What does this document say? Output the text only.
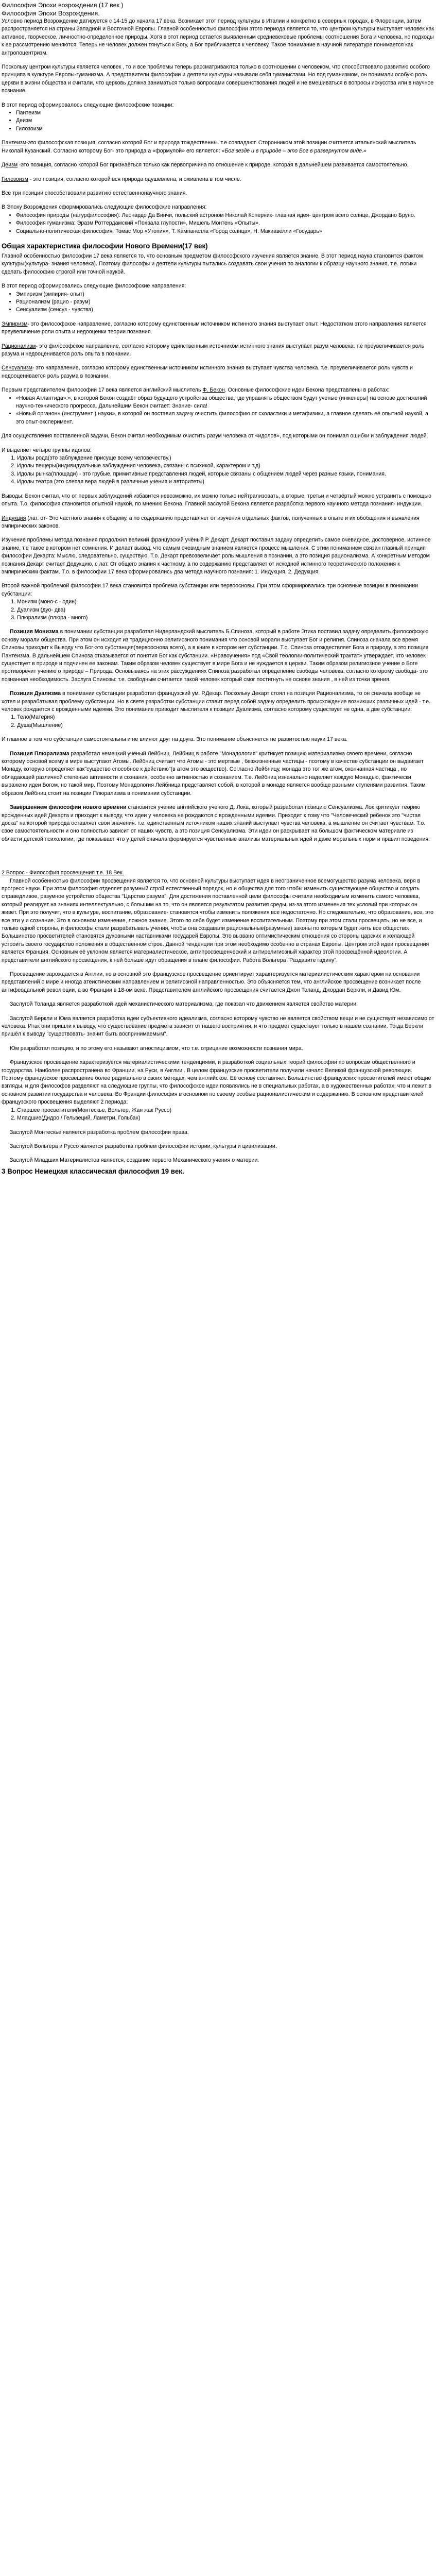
Философия Эпохи возрождения (17 век )

Философия Эпохи Возрождения.

Условно период Возрождение датируется с 14-15 до начала 17 века. Возникает этот период культуры в Италии и конкретно в северных городах, в Флоренции, затем распространяется на страны Западной и Восточной Европы. Главной особенностью философии этого периода является то, что центром культуры выступает человек как активное, творческое, личностно-определенное природы. Хотя в этот период остается выявленным средневековые проблемы соотношения Бога и человека, но подходы к ее рассмотрению меняются. Теперь не человек должен тянуться к Богу, а Бог приближается к человеку. Такое понимание в научной литературе понимается как антропоцентризм.

Поскольку центром культуры является человек , то и все проблемы теперь рассматриваются только в соотношении с человеком, что способствовало развитию особого принципа в культуре Европы-гуманизма. А представители философии и деятели культуры называли себя гуманистами. Но под гуманизмом, он понимали особую роль церкви в жизни общества и считали, что церковь должна заниматься только вопросами совершенствования людей и не вмешиваться в вопросы искусства или в научное познание.

В этот период сформировалось следующие философские позиции:

• Пантеизм
• Деизм
• Гилозоизм

Пантеизм-это философская позиция, согласно которой Бог и природа тождественны. т.е совпадают. Сторонником этой позиции считается итальянский мыслитель Николай Кузанский. Согласно которому Бог- это природа а «формулой» его является: «Бог везде и в природе – это Бог в развернутом виде.»

Деизм -это позиция, согласно которой Бог признаёться только как первопричина по отношение к природе, которая в дальнейшем развивается самостоятельно.

Гилозоизм - это позиция, согласно которой вся природа одушевлена, и оживлена в том числе.

Все три позиции способствовали развитию естественнонаучного знания.

В Эпоху Возрождения сформировались следующие философские направления:

• Философия природы (натурфилософия): Леонардо Да Винчи, польский астроном Николай Коперник- главная идея- центром всего солнце, Джордано Бруно.
• Философия гуманизма: Эразм Роттердамский «Похвала глупости», Мишель Монтень «Опыты».
• Социально-политическая философия: Томас Мор «Утопия», Т. Кампанелла «Город солнца», Н. Макиавелли «Государь»

Общая характеристика философии Нового Времени(17 век)

Главной особенностью философии 17 века является то, что основным предметом философского изучения является знание. В этот период наука становится фактом культуры(культура- знания человека). Поэтому философы и деятели культуры пытались создавать свои учения по аналогии к образцу научного знания, т.е. логики сделать философию строгой или точной наукой.

В этот период сформировались следующие философские направления:

• Эмпиризм (эмпирия- опыт)
• Рационализм (рацио - разум)
• Сенсуализм (сенсуз - чувства)

Эмпиризм- это философское направление, согласно которому единственным источником истинного знания выступает опыт. Недостатком этого направления является преувеличение роли опыта и недооценки теории познания.

Рационализм- это философское направление, согласно которому единственным источником истинного знания выступает разум человека. т.е преувеличивается роль разума и недооценивается роль опыта в познании.

Сенсуализм- это направление, согласно которому единственным источником истинного знания выступает чувства человека. т.е. преувеличивается роль чувств и недооценивается роль разума в познании.

Первым представителем философии 17 века является английский мыслитель Ф. Бекон. Основные философские идеи Бекона представлены в работах:

• «Новая Атлантида».», в которой Бекон создаёт образ будущего устройства общества, где управлять обществом будут ученые (инженеры) на основе достижений научно-технического прогресса. Дальнейшим Бекон считает: Знание- сила!
• «Новый органон» (инструмент ) науки», в которой он поставил задачу очистить философию от схоластики и метафизики, а главное сделать её опытной наукой, а это опыт-эксперимент.

Для осуществления поставленной задачи, Бекон считал необходимым очистить разум человека от «идолов», под которыми он понимал ошибки и заблуждения людей.

И выделяет четыре группы идолов:

1. Идолы рода(это заблуждение присуще всему человечеству.)
2. Идолы пещеры(индивидуальные заблуждения человека, связаны с психикой, характером и т.д)
3. Идолы рынка(площади) - это грубые, примитивные представления людей, которые связаны с общением людей через разные языки, понимания.
4. Идолы театра (это слепая вера людей в различные учения и авторитеты)

Выводы: Бекон считал, что от первых заблуждений избавится невозможно, их можно только нейтрализовать, а вторые, третьи и четвёртый можно устранить с помощью опыта. Т.о. философия становится опытной наукой, по мнению Бекона. Главной заслугой Бекона является разработка первого научного метода познания- индукции.

Индукция (лат. от- Это частного знания к общему, а по содержанию представляет от изучения отдельных фактов, полученных в опыте и их обобщения и выявления эмпирических законов.

Изучение проблемы метода познания продолжил великий французский учёный Р. Декарт. Декарт поставил задачу определить самое очевидное, достоверное, истинное знание, т.е такое в котором нет сомнения. И делает вывод, что самым очевидным знанием является процесс мышления. С этим пониманием связан главный принцип философии Декарта: Мыслю, следовательно, существую. Т.о. Декарт превозвеличает роль мышления в познании, а это позиция рационализма. А конкретным методом познания Декарт считает Дедукцию, с лат. От общего знания к частному, а по содержанию представляет от исходной истинного теоретического положения к эмпирическим фактам. Т.о. в философии 17 века сформировались два метода научного познания: 1. Индукция, 2. Дедукция.

Второй важной проблемой философии 17 века становится проблема субстанции или первоосновы. При этом сформировались три основные позиции в понимании субстанции:

1. Монизм (моно-с - один)
2. Дуализм (дуо- два)
3. Плюрализм (плюра - много)

Позиция Монизма в понимании субстанции разработал Нидерландский мыслитель Б.Спиноза, который в работе Этика поставил задачу определить философскую основу морали общества. При этом он исходит из традиционно религиозного понимания что основой морали выступает Бог и религия. Спиноза сначала все время Спинозы приходит к Выводу что Бог-это субстанция(первооснова всего), а в книге в котором нет субстанции. Т.о. Спиноза отождествляет Бога и природу, а это позиция Пантеизма. В дальнейшем Спиноза отказывается от понятия Бог как субстанции. «Нравоучения» под «Свой теологии-политический трактат» утверждает, что человек существует в природе и подчинен ее законам. Таким образом человек существует в мире Бога и не нуждается в церкви. Таким образом религиозное учение о Боге противоречит учению о природе – Природа. Основываясь на этих рассуждениях Спиноза разработал определение свободы человека, согласно которому свобода- это познанная необходимость. Заслуга Спинозы: т.е. свободным считается такой человек который смог постигнуть не основе знания , в ней из точки зрения.

Позиция Дуализма в понимании субстанции разработал французский ум. Р.Декар. Поскольку Декарт стоял на позиции Рационализма, то он сначала вообще не хотел и разрабатывал проблему субстанции. Но в свете разработки субстанции ставит перед собой задачу определить происхождение возникших различных идей - т.е. человек рождается с врожденными идеями. Это понимание приводит мыслителя к позиции Дуализма, согласно которому существует не одна, а две субстанции:

1. Тело(Материя)
2. Душа(Мышление)

И главное в том что субстанции самостоятельны и не влияют друг на друга. Это понимание объясняется не развитостью науки 17 века.

Позиция Плюрализма разработал немецкий ученый Лейбниц. Лейбниц в работе "Монадология" критикует позицию материализма своего времени, согласно которому основой всему в мире выступают Атомы. Лейбниц считает что Атомы - это мертвые , безжизненные частицы - поэтому в качестве субстанции он выдвигает Монаду, которую определяет как"существо способное к действию"(в атом это вещество). Согласно Лейбницу, монада это тот же атом, окончанная частица , но обладающей различной степенью активности и сознания, особенно активностью и сознанием. Т.е. Лейбниц изначально наделяет каждую Монадью, фактически выражено идеи Богом, но такой мир. Поэтому Монадология Лейбница представляет собой, в которой в монаде является вообще разными ступенями развития. Таким образом Лейбниц стоит на позиции Плюрализма в понимании субстанции.

Завершением философии нового времени становится учение английского ученого Д. Лока, который разработал позицию Сенсуализма. Лок критикует теорию врожденных идей Декарта и приходит к выводу, что идеи у человека не рождаются с врожденными идеями. Приходит к тому что "Человеческий ребенок это "чистая доска" на которой природа оставляет свои значения. т.е. единственным источником наших знаний выступает чувства человека, а мышление он считает чувствам. Т.о. свое самостоятельности и оно полностью зависит от наших чувств, а это позиция Сенсуализма. Эти идеи он раскрывает на большом фактическом материале из области детской психологии, где показывает что у детей сначала формируется чувственные анализы материальных идей и даже моральных норм и правил поведения.

2 Вопрос - Философия просвещения т.е. 18 Век.

Главной особенностью философии просвещения является то, что основной культуры выступает идея в неограниченное всемогущество разума человека, веря в прогресс науки. При этом философия отделяет разумный строй естественный порядок, но и общества для того чтобы изменить существующее общество и создать справедливое, разумное устройство общества "Царство разума". Для достижения поставленной цели философы считали необходимым изменить самого человека, который реагирует на знаниях интеллектуально, с большим на то, что он является результатом развития среды, из-за этого изменения тех условий при которых он живет. При это получит, что в культуре, воспитание, образование- становятся чтобы изменить положения все недостаточно. Но следовательно, что образование, все, это все эти у и сознание. Это в основном изменение, ложное знание. Этого по себе будет изменение воспитательным. Поэтому при этом стали просвещать, но не все, и только одной стороны, и философы стали разрабатывать учения, чтобы она создавали рациональные(разумные) законы по которым будет жить все общество. Большинство просветителей становятся духовными наставниками государей Европы. Это вызвано оптимистическим отношения со стороны царских и желающей устроить своего государство положения в общественном строе. Данной тенденции при этом необходимо особенно в странах Европы. Центром этой идеи просвещения является Франция. Основным её уклоном является материалистическое, антипросвещенческий и антирелигиозный характер этой просвещённой идеологии. А представители английского просвещения, к ней больше идут обращения в плане философии. Работа Вольтера "Раздавите гадину".

Просвещение зарождается в Англии, но в основной это французское просвещение ориентирует характеризуется материалистическим характером на основании представлений о мире и иногда атеистическим направлением и религиозной направленностью. Это объясняется тем, что английское просвещение возникает после антифеодальной революции, а во Франции в 18-ом веке. Представителем английского просвещения считается Джон Толанд, Джордан Беркли, и Давид Юм.

Заслугой Толанда является разработкой идей механистического материализма, где показал что движением является свойство материи.

Заслугой Беркли и Юма является разработка идеи субъективного идеализма, согласно которому чувство не является свойством вещи и не существует независимо от человека. Итак они пришли к выводу, что существование предмета зависит от нашего восприятия, и что предмет существует только в нашем сознании. Тогда Беркли пришёл к выводу "существовать- значит быть воспринимаемым".

Юм разработал позицию, и по этому его называют агностицизмом, что т.е. отрицание возможности познания мира.

Французское просвещение характеризуется материалистическими тенденциями, и разработкой социальных теорий философии по вопросам общественного и государства. Наиболее распространена во Франции, на Руси, в Англии . В целом французские просветители получили начало Великой французской революции. Поэтому французское просвещение более радикально в своих методах, чем английское. Её основу составляет. Большинство французских просветителей имеют общие взгляды, и для философов разделяют на следующие группы, что философское идеи появлялись не в специальных работах, а в художественных работах, что и лежит в основном развитии государства и человека. Во Франции философия в основном по своему особые рационалистическим и содержанию. В основном представителей французского просвещения выделяют 2 периода:

1. Старшее просветители(Монтескье, Вольтер, Жан жак Руссо)
2. Младшие(Дидро / Гельвеций, Ламетри, Гольбах)

Заслугой Монтескье является разработка проблем философии права.

Заслугой Вольтера и Руссо является разработка проблем философии истории, культуры и цивилизации.

Заслугой Младших Материалистов является, создание первого Механического учения о материи.

3 Вопрос Немецкая классическая философия 19 век.
